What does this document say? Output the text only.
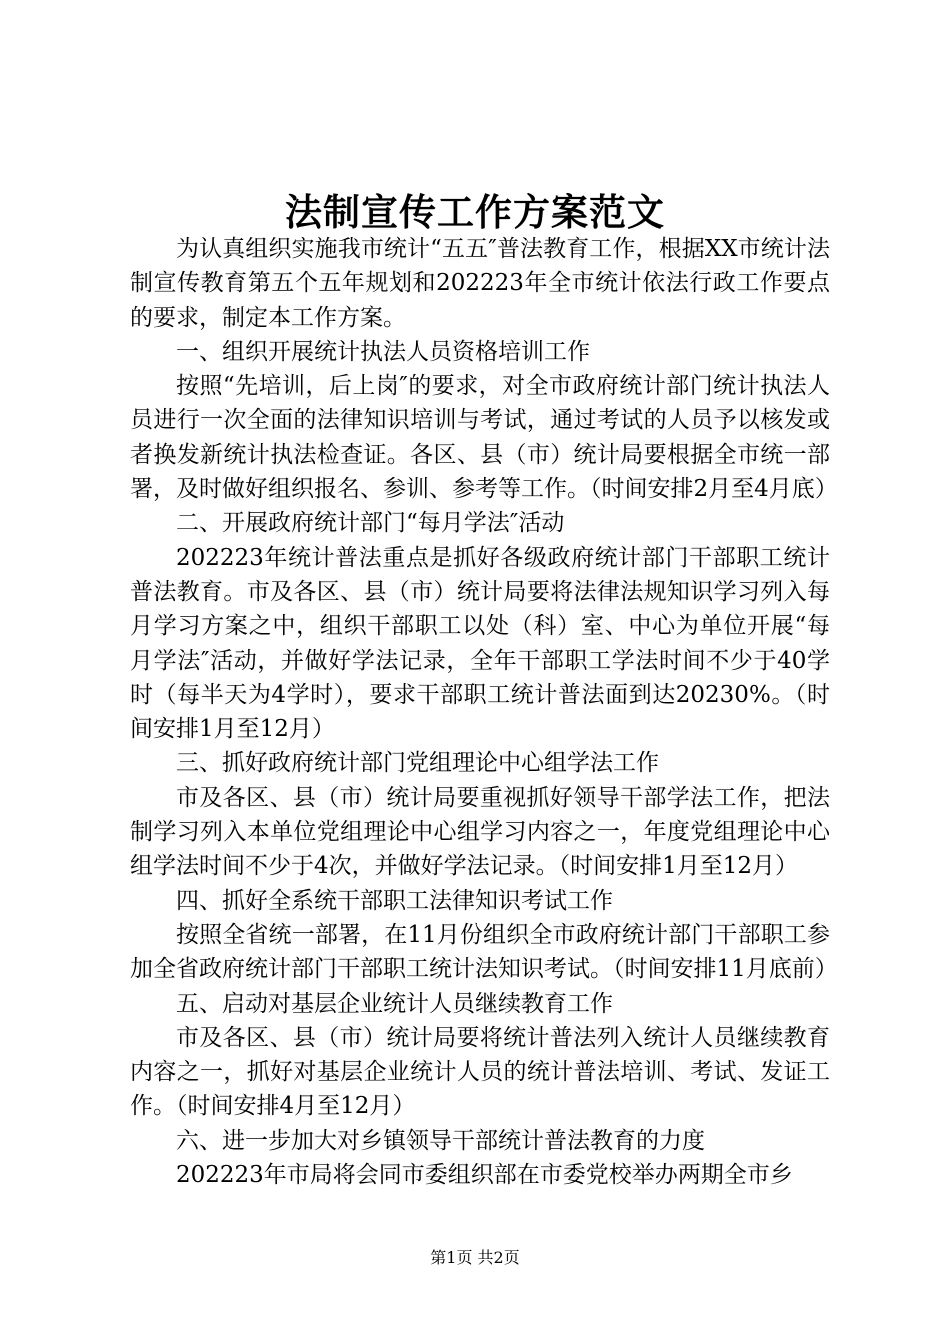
法制宣传工作方案范文

为认真组织实施我市统计“五五″普法教育工作，根据XX市统计法制宣传教育第五个五年规划和202223年全市统计依法行政工作要点的要求，制定本工作方案。

一、组织开展统计执法人员资格培训工作

按照“先培训，后上岗″的要求，对全市政府统计部门统计执法人员进行一次全面的法律知识培训与考试，通过考试的人员予以核发或者换发新统计执法检查证。各区、县（市）统计局要根据全市统一部署，及时做好组织报名、参训、参考等工作。（时间安排2月至4月底）

二、开展政府统计部门“每月学法″活动

202223年统计普法重点是抓好各级政府统计部门干部职工统计普法教育。市及各区、县（市）统计局要将法律法规知识学习列入每月学习方案之中，组织干部职工以处（科）室、中心为单位开展“每月学法″活动，并做好学法记录，全年干部职工学法时间不少于40学时（每半天为4学时），要求干部职工统计普法面到达20230%。（时间安排1月至12月）

三、抓好政府统计部门党组理论中心组学法工作

市及各区、县（市）统计局要重视抓好领导干部学法工作，把法制学习列入本单位党组理论中心组学习内容之一，年度党组理论中心组学法时间不少于4次，并做好学法记录。（时间安排1月至12月）

四、抓好全系统干部职工法律知识考试工作

按照全省统一部署，在11月份组织全市政府统计部门干部职工参加全省政府统计部门干部职工统计法知识考试。（时间安排11月底前）

五、启动对基层企业统计人员继续教育工作

市及各区、县（市）统计局要将统计普法列入统计人员继续教育内容之一，抓好对基层企业统计人员的统计普法培训、考试、发证工作。（时间安排4月至12月）

六、进一步加大对乡镇领导干部统计普法教育的力度

202223年市局将会同市委组织部在市委党校举办两期全市乡

第1页 共2页
